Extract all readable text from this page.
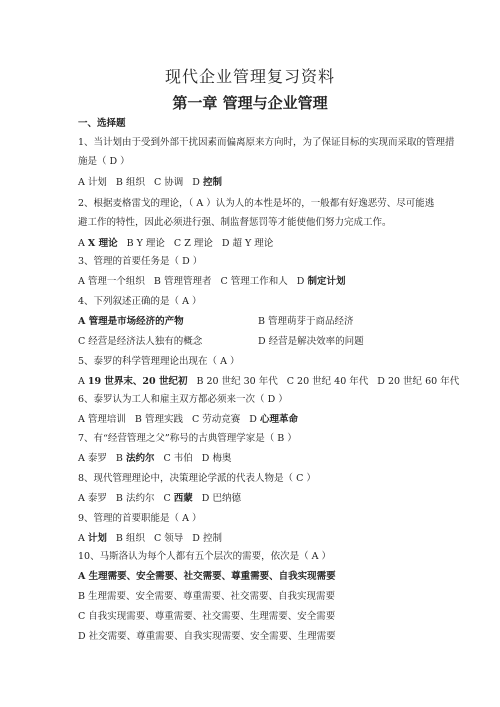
现代企业管理复习资料
第一章 管理与企业管理
一、选择题
1、当计划由于受到外部干扰因素而偏离原来方向时，为了保证目标的实现而采取的管理措
施是（ D ）
A 计划 B 组织 C 协调 D 控制
2、根据麦格雷戈的理论，（ A ）认为人的本性是坏的，一般都有好逸恶劳、尽可能逃
避工作的特性，因此必须进行强、制监督惩罚等才能使他们努力完成工作。
A X 理论 B Y 理论 C Z 理论 D 超 Y 理论
3、管理的首要任务是（ D ）
A 管理一个组织 B 管理管理者 C 管理工作和人 D 制定计划
4、下列叙述正确的是（ A ）
A 管理是市场经济的产物	B 管理萌芽于商品经济
C 经营是经济法人独有的概念	D 经营是解决效率的问题
5、泰罗的科学管理理论出现在（ A ）
A 19 世界末、20 世纪初 B 20 世纪 30 年代 C 20 世纪 40 年代 D 20 世纪 60 年代
6、泰罗认为工人和雇主双方都必须来一次（ D ）
A 管理培训 B 管理实践 C 劳动竞赛 D 心理革命
7、有“经营管理之父”称号的古典管理学家是（ B ）
A 泰罗 B 法约尔 C 韦伯 D 梅奥
8、现代管理理论中，决策理论学派的代表人物是（ C ）
A 泰罗 B 法约尔 C 西蒙 D 巴纳德
9、管理的首要职能是（ A ）
A 计划 B 组织 C 领导 D 控制
10、马斯洛认为每个人都有五个层次的需要，依次是（ A ）
A 生理需要、安全需要、社交需要、尊重需要、自我实现需要
B 生理需要、安全需要、尊重需要、社交需要、自我实现需要
C 自我实现需要、尊重需要、社交需要、生理需要、安全需要
D 社交需要、尊重需要、自我实现需要、安全需要、生理需要
